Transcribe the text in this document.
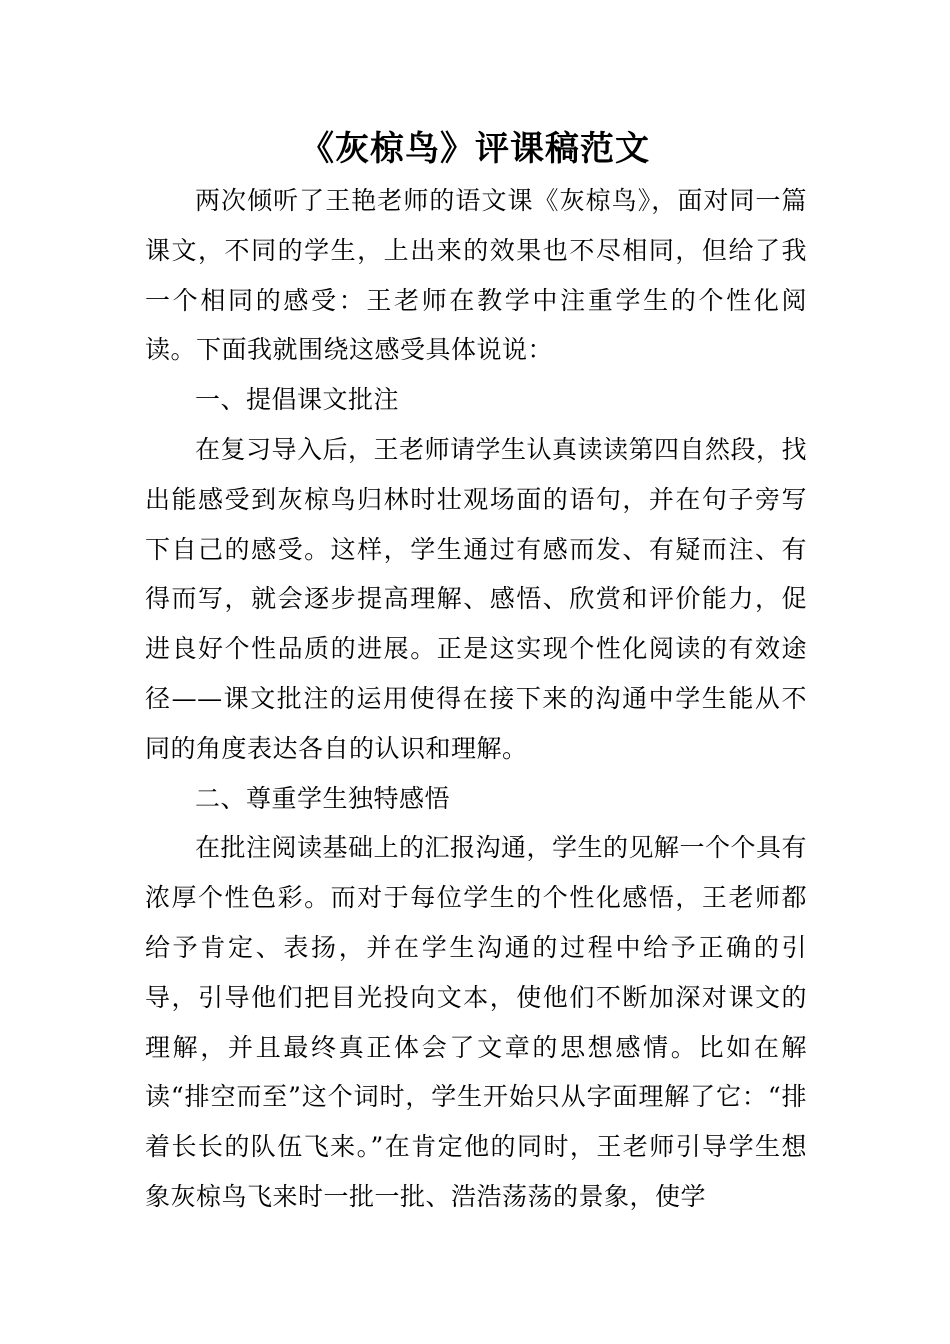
《灰椋鸟》评课稿范文

两次倾听了王艳老师的语文课《灰椋鸟》，面对同一篇课文，不同的学生，上出来的效果也不尽相同，但给了我一个相同的感受：王老师在教学中注重学生的个性化阅读。下面我就围绕这感受具体说说：

一、提倡课文批注

在复习导入后，王老师请学生认真读读第四自然段，找出能感受到灰椋鸟归林时壮观场面的语句，并在句子旁写下自己的感受。这样，学生通过有感而发、有疑而注、有得而写，就会逐步提高理解、感悟、欣赏和评价能力，促进良好个性品质的进展。正是这实现个性化阅读的有效途径——课文批注的运用使得在接下来的沟通中学生能从不同的角度表达各自的认识和理解。

二、尊重学生独特感悟

在批注阅读基础上的汇报沟通，学生的见解一个个具有浓厚个性色彩。而对于每位学生的个性化感悟，王老师都给予肯定、表扬，并在学生沟通的过程中给予正确的引导，引导他们把目光投向文本，使他们不断加深对课文的理解，并且最终真正体会了文章的思想感情。比如在解读“排空而至”这个词时，学生开始只从字面理解了它：“排着长长的队伍飞来。”在肯定他的同时，王老师引导学生想象灰椋鸟飞来时一批一批、浩浩荡荡的景象，使学
